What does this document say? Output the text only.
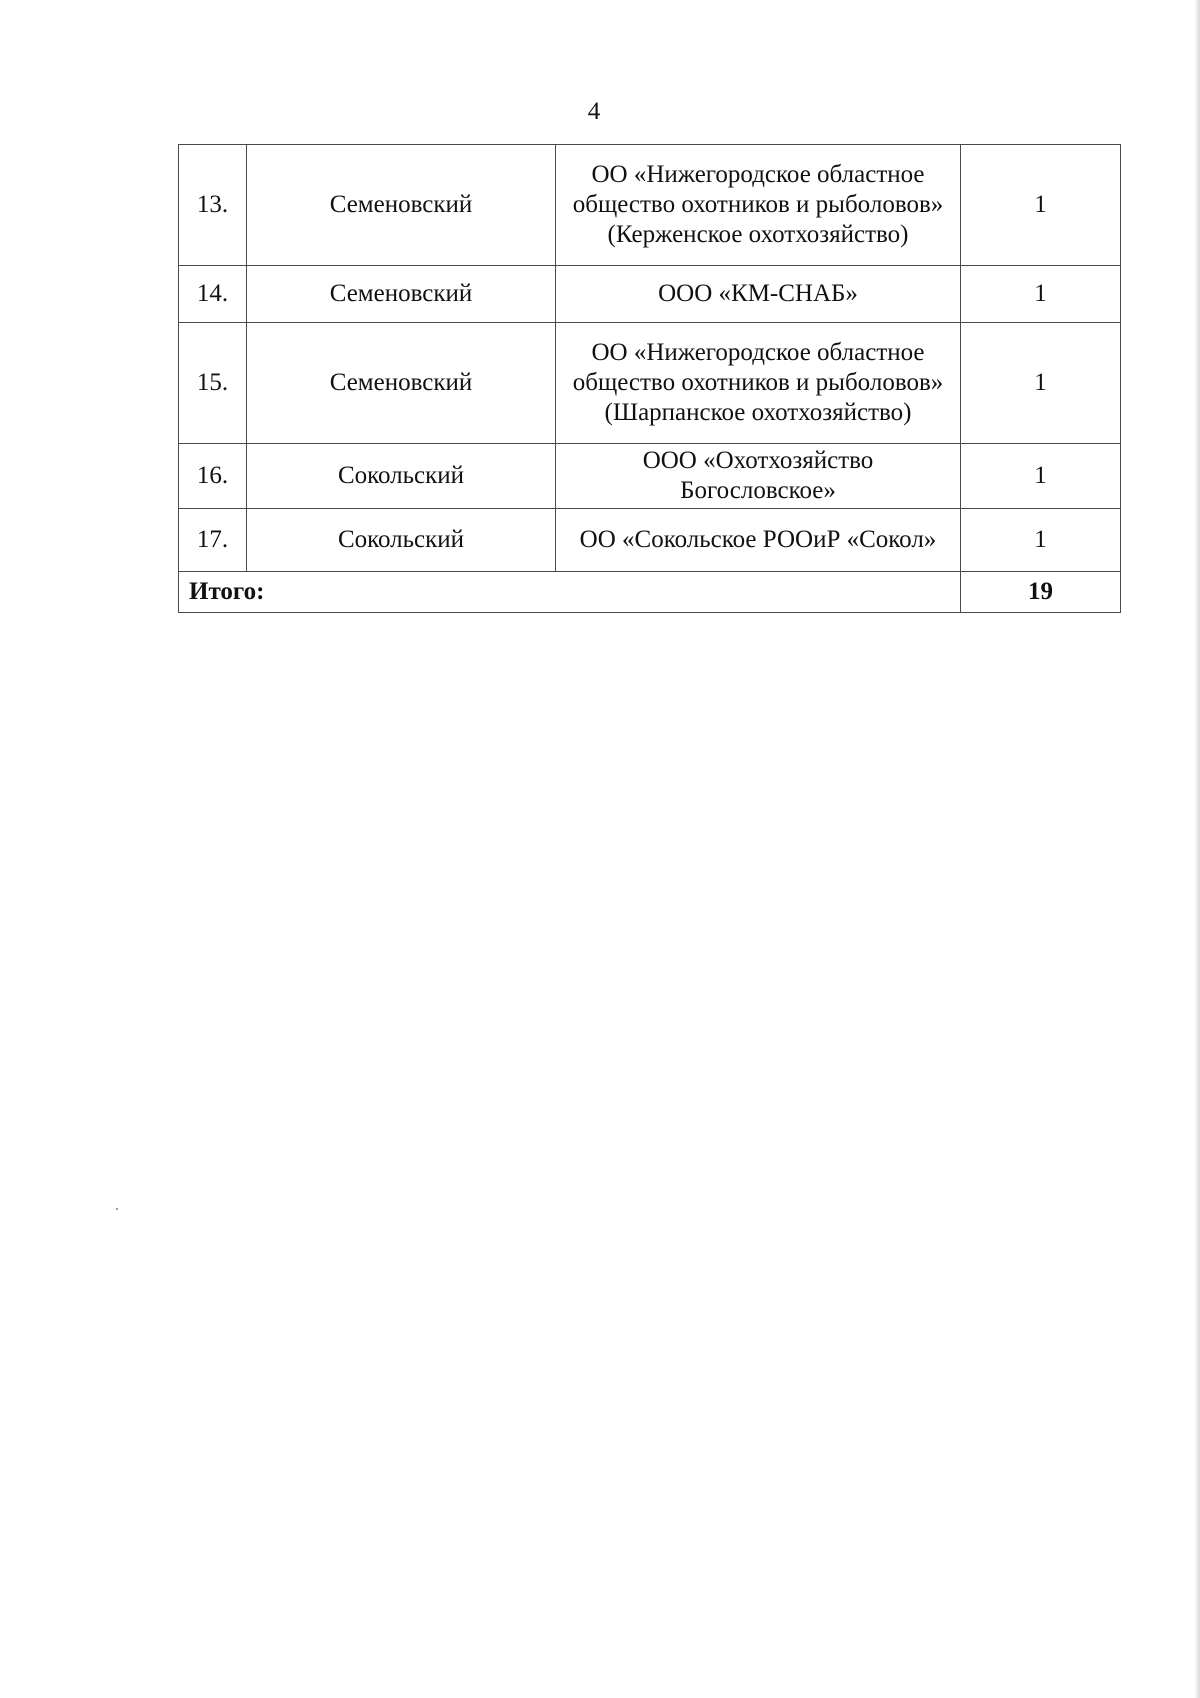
4
13.	Семеновский	ОО «Нижегородское областное общество охотников и рыболовов» (Керженское охотхозяйство)	1
14.	Семеновский	ООО «КМ-СНАБ»	1
15.	Семеновский	ОО «Нижегородское областное общество охотников и рыболовов» (Шарпанское охотхозяйство)	1
16.	Сокольский	ООО «Охотхозяйство Богословское»	1
17.	Сокольский	ОО «Сокольское РООиР «Сокол»	1
Итого:			19
